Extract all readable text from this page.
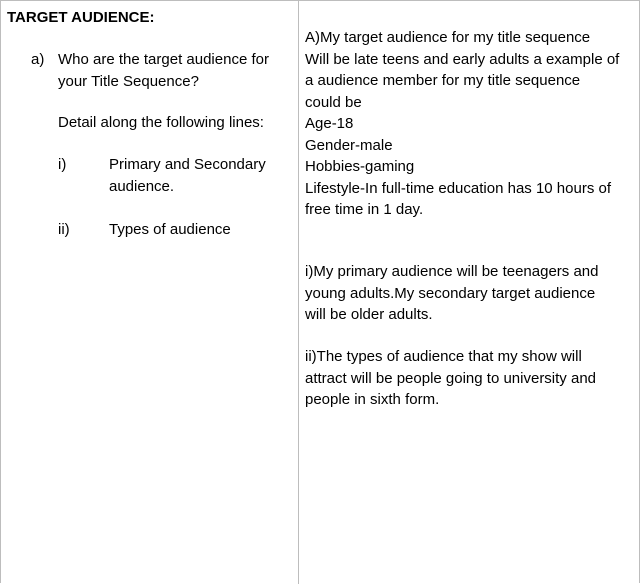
TARGET AUDIENCE:
a) Who are the target audience for your Title Sequence?
Detail along the following lines:
i)	Primary and Secondary audience.
ii)	Types of audience
A)My target audience for my title sequence
Will be late teens and early adults a example of
a audience member for my title sequence
could be
Age-18
Gender-male
Hobbies-gaming
Lifestyle-In full-time education has 10 hours of
free time in 1 day.
i)My primary audience will be teenagers and
young adults.My secondary target audience
will be older adults.
ii)The types of audience that my show will
attract will be people going to university and
people in sixth form.
